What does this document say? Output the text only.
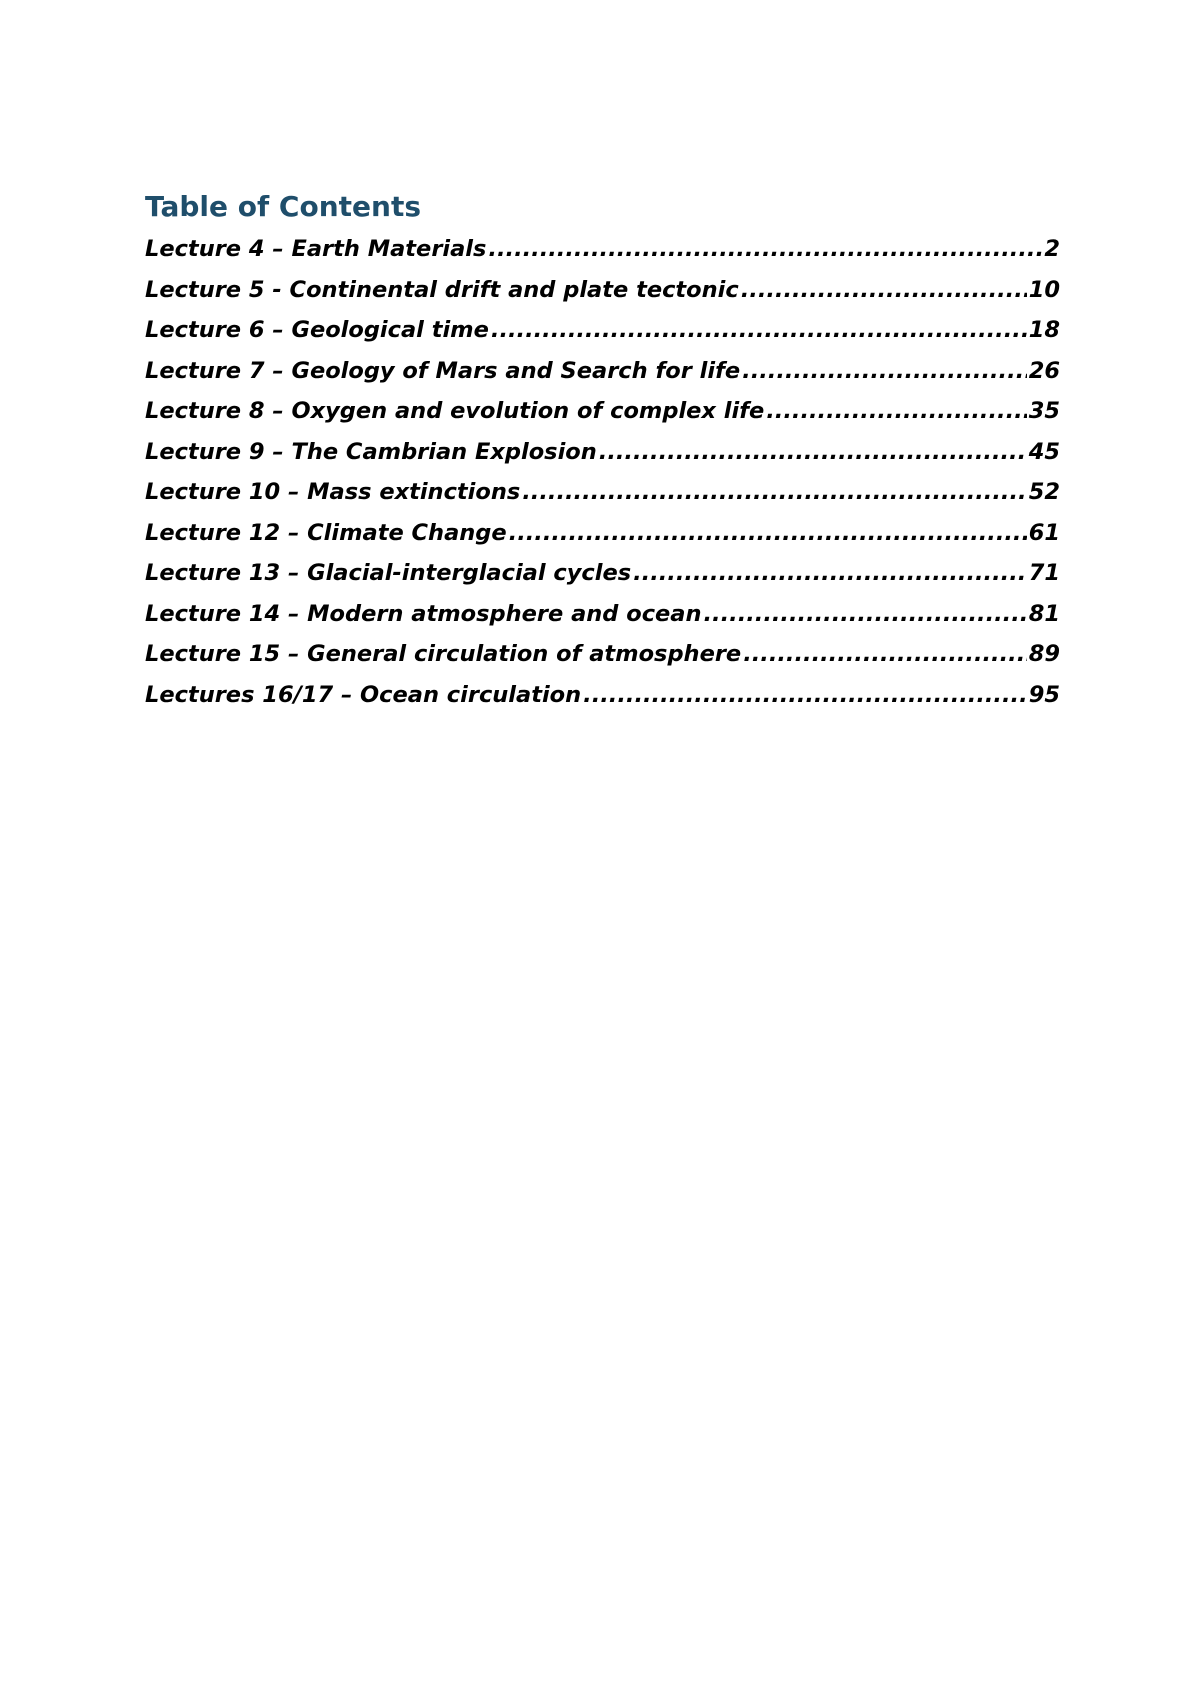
Table of Contents
Lecture 4 – Earth Materials .....	2
Lecture 5 - Continental drift and plate tectonic .....	10
Lecture 6 – Geological time .....	18
Lecture 7 – Geology of Mars and Search for life .....	26
Lecture 8 – Oxygen and evolution of complex life .....	35
Lecture 9 – The Cambrian Explosion .....	45
Lecture 10 – Mass extinctions .....	52
Lecture 12 – Climate Change .....	61
Lecture 13 – Glacial-interglacial cycles .....	71
Lecture 14 – Modern atmosphere and ocean .....	81
Lecture 15 – General circulation of atmosphere .....	89
Lectures 16/17 – Ocean circulation .....	95
